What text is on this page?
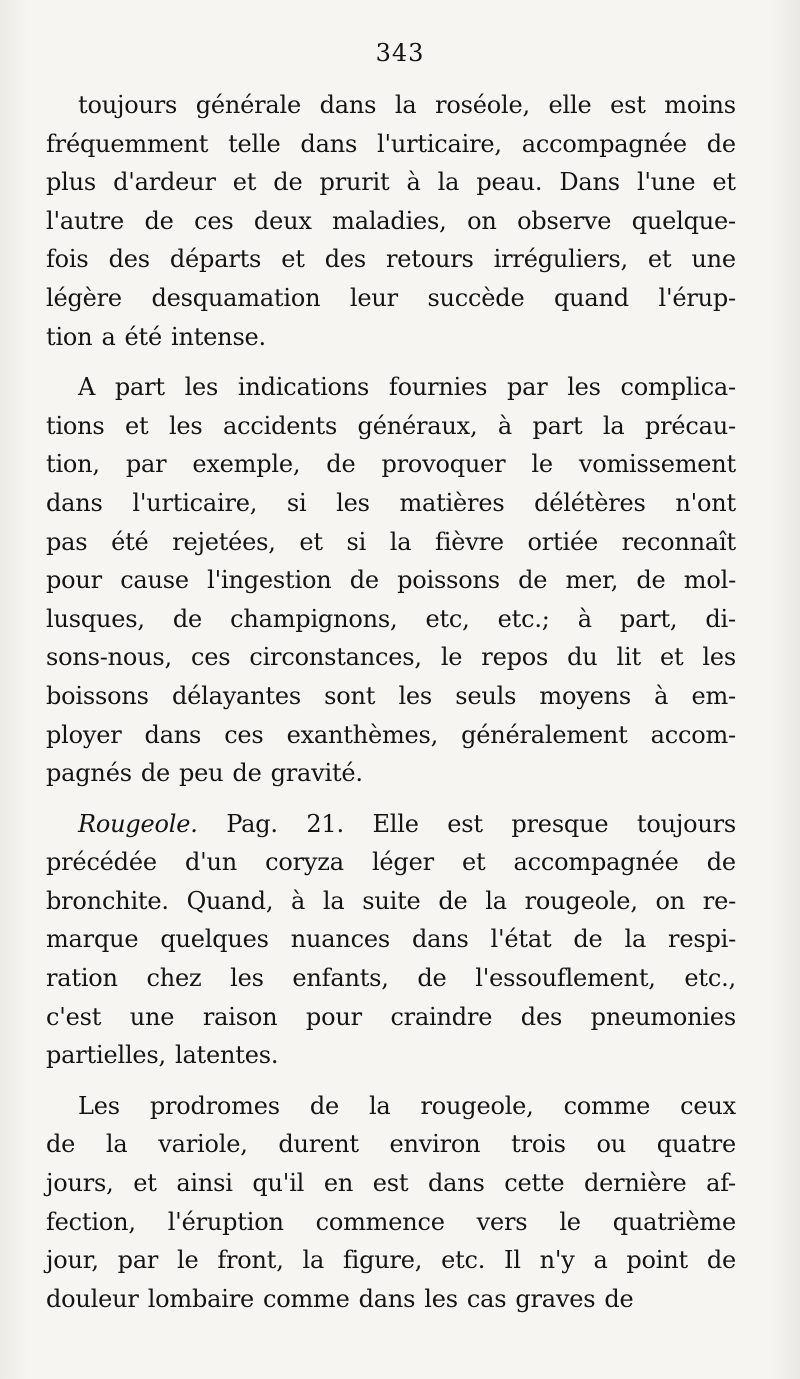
343
toujours générale dans la roséole, elle est moins
fréquemment telle dans l'urticaire, accompagnée de
plus d'ardeur et de prurit à la peau. Dans l'une et
l'autre de ces deux maladies, on observe quelque-
fois des départs et des retours irréguliers, et une
légère desquamation leur succède quand l'érup-
tion a été intense.
A part les indications fournies par les complica-
tions et les accidents généraux, à part la précau-
tion, par exemple, de provoquer le vomissement
dans l'urticaire, si les matières délétères n'ont
pas été rejetées, et si la fièvre ortiée reconnaît
pour cause l'ingestion de poissons de mer, de mol-
lusques, de champignons, etc, etc.; à part, di-
sons-nous, ces circonstances, le repos du lit et les
boissons délayantes sont les seuls moyens à em-
ployer dans ces exanthèmes, généralement accom-
pagnés de peu de gravité.
Rougeole. Pag. 21. Elle est presque toujours
précédée d'un coryza léger et accompagnée de
bronchite. Quand, à la suite de la rougeole, on re-
marque quelques nuances dans l'état de la respi-
ration chez les enfants, de l'essouflement, etc.,
c'est une raison pour craindre des pneumonies
partielles, latentes.
Les prodromes de la rougeole, comme ceux
de la variole, durent environ trois ou quatre
jours, et ainsi qu'il en est dans cette dernière af-
fection, l'éruption commence vers le quatrième
jour, par le front, la figure, etc. Il n'y a point de
douleur lombaire comme dans les cas graves de
